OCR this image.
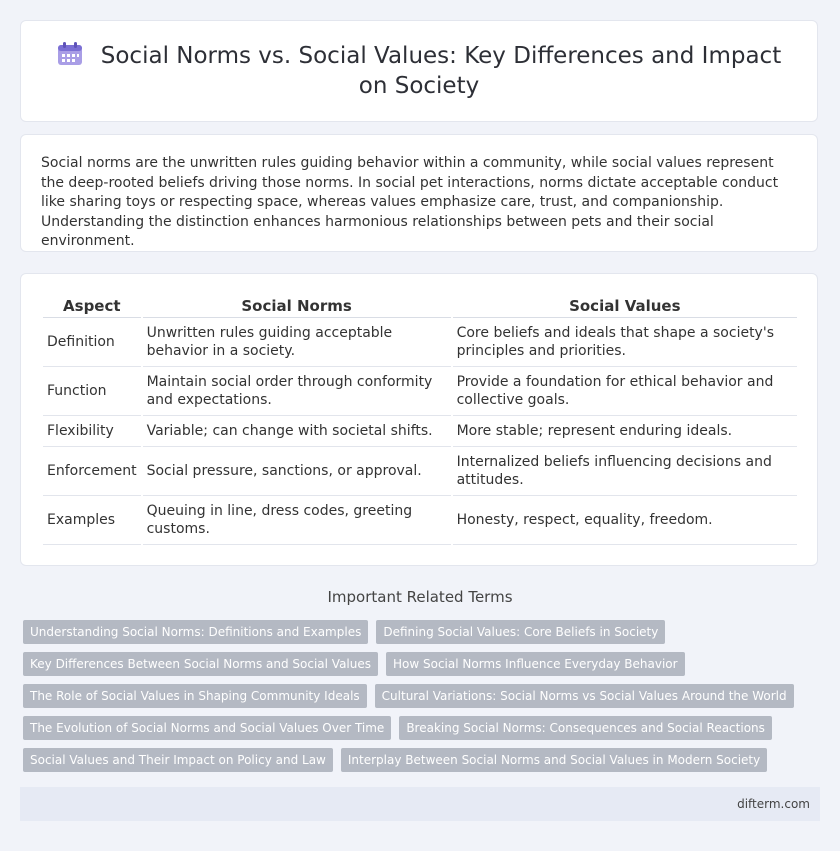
Social Norms vs. Social Values: Key Differences and Impact on Society
Social norms are the unwritten rules guiding behavior within a community, while social values represent the deep-rooted beliefs driving those norms. In social pet interactions, norms dictate acceptable conduct like sharing toys or respecting space, whereas values emphasize care, trust, and companionship. Understanding the distinction enhances harmonious relationships between pets and their social environment.
Aspect	Social Norms	Social Values
Definition	Unwritten rules guiding acceptable behavior in a society.	Core beliefs and ideals that shape a society's principles and priorities.
Function	Maintain social order through conformity and expectations.	Provide a foundation for ethical behavior and collective goals.
Flexibility	Variable; can change with societal shifts.	More stable; represent enduring ideals.
Enforcement	Social pressure, sanctions, or approval.	Internalized beliefs influencing decisions and attitudes.
Examples	Queuing in line, dress codes, greeting customs.	Honesty, respect, equality, freedom.
Important Related Terms
Understanding Social Norms: Definitions and Examples	Defining Social Values: Core Beliefs in Society
Key Differences Between Social Norms and Social Values	How Social Norms Influence Everyday Behavior
The Role of Social Values in Shaping Community Ideals	Cultural Variations: Social Norms vs Social Values Around the World
The Evolution of Social Norms and Social Values Over Time	Breaking Social Norms: Consequences and Social Reactions
Social Values and Their Impact on Policy and Law	Interplay Between Social Norms and Social Values in Modern Society
difterm.com
